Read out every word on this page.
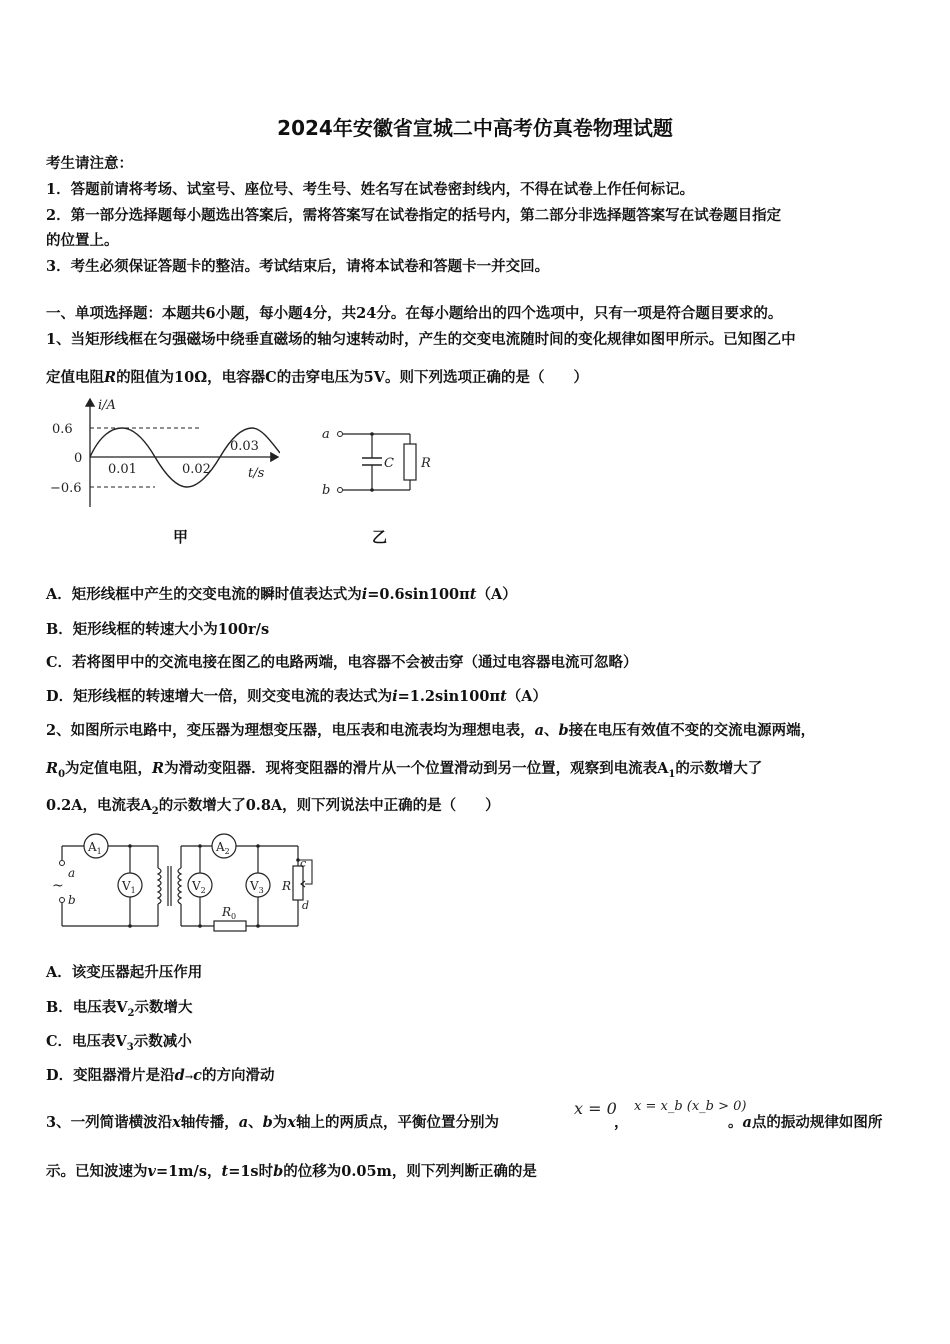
2024年安徽省宣城二中高考仿真卷物理试题
考生请注意：
1．答题前请将考场、试室号、座位号、考生号、姓名写在试卷密封线内，不得在试卷上作任何标记。
2．第一部分选择题每小题选出答案后，需将答案写在试卷指定的括号内，第二部分非选择题答案写在试卷题目指定
的位置上。
3．考生必须保证答题卡的整洁。考试结束后，请将本试卷和答题卡一并交回。
一、单项选择题：本题共6小题，每小题4分，共24分。在每小题给出的四个选项中，只有一项是符合题目要求的。
1、当矩形线框在匀强磁场中绕垂直磁场的轴匀速转动时，产生的交变电流随时间的变化规律如图甲所示。已知图乙中
定值电阻R的阻值为10Ω，电容器C的击穿电压为5V。则下列选项正确的是（　　）
i/A
0.6
0
−0.6
0.01	0.02
0.03
t/s
a
b
C R
甲	乙
A．矩形线框中产生的交变电流的瞬时值表达式为i=0.6sin100πt（A）
B．矩形线框的转速大小为100r/s
C．若将图甲中的交流电接在图乙的电路两端，电容器不会被击穿（通过电容器电流可忽略）
D．矩形线框的转速增大一倍，则交变电流的表达式为i=1.2sin100πt（A）
2、如图所示电路中，变压器为理想变压器，电压表和电流表均为理想电表，a、b接在电压有效值不变的交流电源两端，
$R_0$为定值电阻，R为滑动变阻器．现将变阻器的滑片从一个位置滑动到另一位置，观察到电流表$A_1$的示数增大了
0.2A，电流表$A_2$的示数增大了0.8A，则下列说法中正确的是（　　）
a
~
b
$A_1$
$V_1$
$A_2$
$V_2$
$R_0$
$V_3$
c
R
d
A．该变压器起升压作用
B．电压表$V_2$示数增大
C．电压表$V_3$示数减小
D．变阻器滑片是沿d→c的方向滑动
3、一列简谐横波沿x轴传播，a、b为x轴上的两质点，平衡位置分别为
x = 0
，
x = x_b (x_b > 0)
。a点的振动规律如图所
示。已知波速为v=1m/s，t=1s时b的位移为0.05m，则下列判断正确的是
